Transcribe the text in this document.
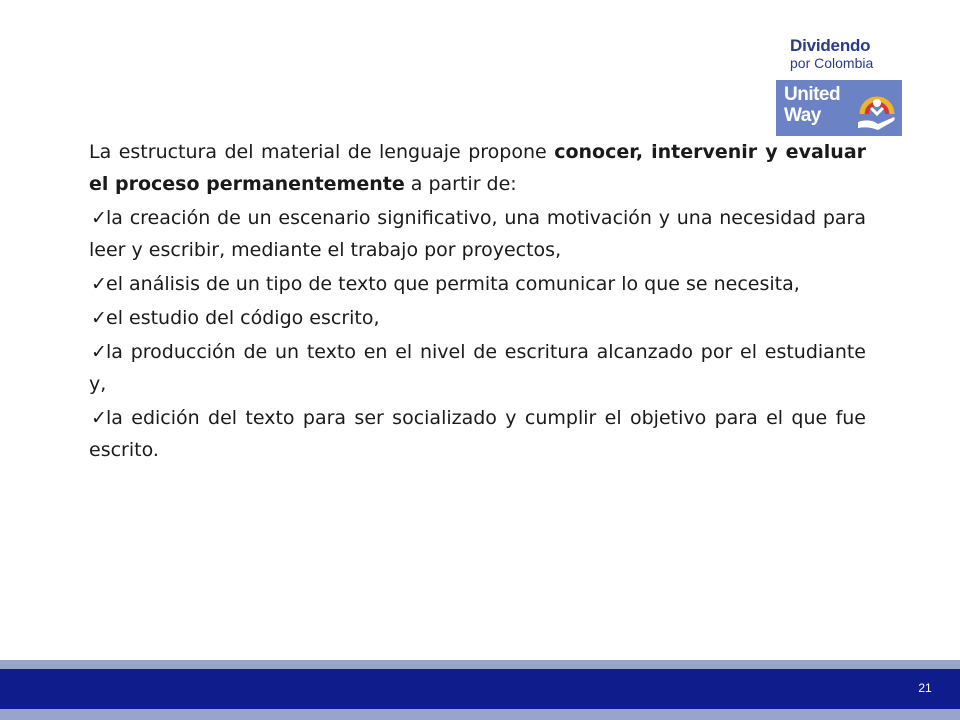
Dividendo
por Colombia
United
Way

La estructura del material de lenguaje propone conocer, intervenir y evaluar el proceso permanentemente a partir de:

✓la creación de un escenario significativo, una motivación y una necesidad para leer y escribir, mediante el trabajo por proyectos,
✓el análisis de un tipo de texto que permita comunicar lo que se necesita,
✓el estudio del código escrito,
✓la producción de un texto en el nivel de escritura alcanzado por el estudiante y,
✓la edición del texto para ser socializado y cumplir el objetivo para el que fue escrito.
21
